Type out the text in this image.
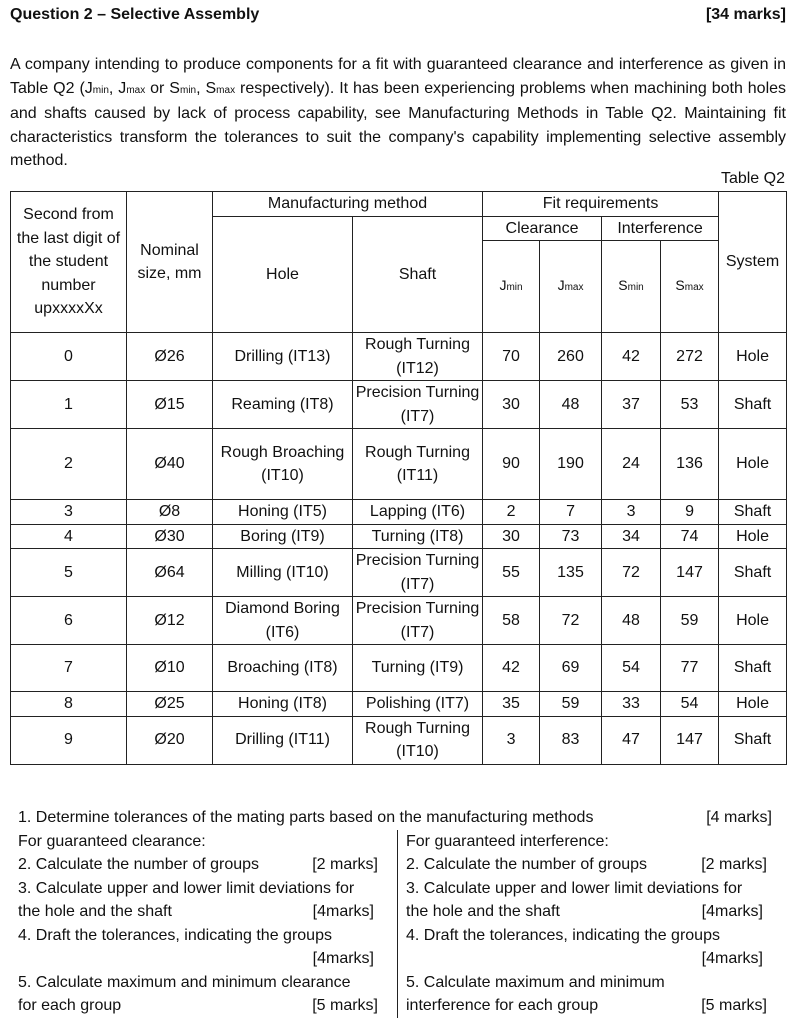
Question 2 – Selective Assembly	[34 marks]
A company intending to produce components for a fit with guaranteed clearance and interference as given in Table Q2 (Jmin, Jmax or Smin, Smax respectively). It has been experiencing problems when machining both holes and shafts caused by lack of process capability, see Manufacturing Methods in Table Q2. Maintaining fit characteristics transform the tolerances to suit the company's capability implementing selective assembly method.
Table Q2
Second from the last digit of the student number
upxxxxXx	Nominal size, mm	Manufacturing method		Fit requirements				System
		Hole	Shaft	Clearance		Interference		
				Jmin	Jmax	Smin	Smax	
0	Ø26	Drilling (IT13)	Rough Turning (IT12)	70	260	42	272	Hole
1	Ø15	Reaming (IT8)	Precision Turning (IT7)	30	48	37	53	Shaft
2	Ø40	Rough Broaching (IT10)	Rough Turning (IT11)	90	190	24	136	Hole
3	Ø8	Honing (IT5)	Lapping (IT6)	2	7	3	9	Shaft
4	Ø30	Boring (IT9)	Turning (IT8)	30	73	34	74	Hole
5	Ø64	Milling (IT10)	Precision Turning (IT7)	55	135	72	147	Shaft
6	Ø12	Diamond Boring (IT6)	Precision Turning (IT7)	58	72	48	59	Hole
7	Ø10	Broaching (IT8)	Turning (IT9)	42	69	54	77	Shaft
8	Ø25	Honing (IT8)	Polishing (IT7)	35	59	33	54	Hole
9	Ø20	Drilling (IT11)	Rough Turning (IT10)	3	83	47	147	Shaft
1. Determine tolerances of the mating parts based on the manufacturing methods	[4 marks]
For guaranteed clearance:
2. Calculate the number of groups	[2 marks]
3. Calculate upper and lower limit deviations for
the hole and the shaft	[4marks]
4. Draft the tolerances, indicating the groups
[4marks]
5. Calculate maximum and minimum clearance
for each group	[5 marks]
For guaranteed interference:
2. Calculate the number of groups	[2 marks]
3. Calculate upper and lower limit deviations for
the hole and the shaft	[4marks]
4. Draft the tolerances, indicating the groups
[4marks]
5. Calculate maximum and minimum
interference for each group	[5 marks]
